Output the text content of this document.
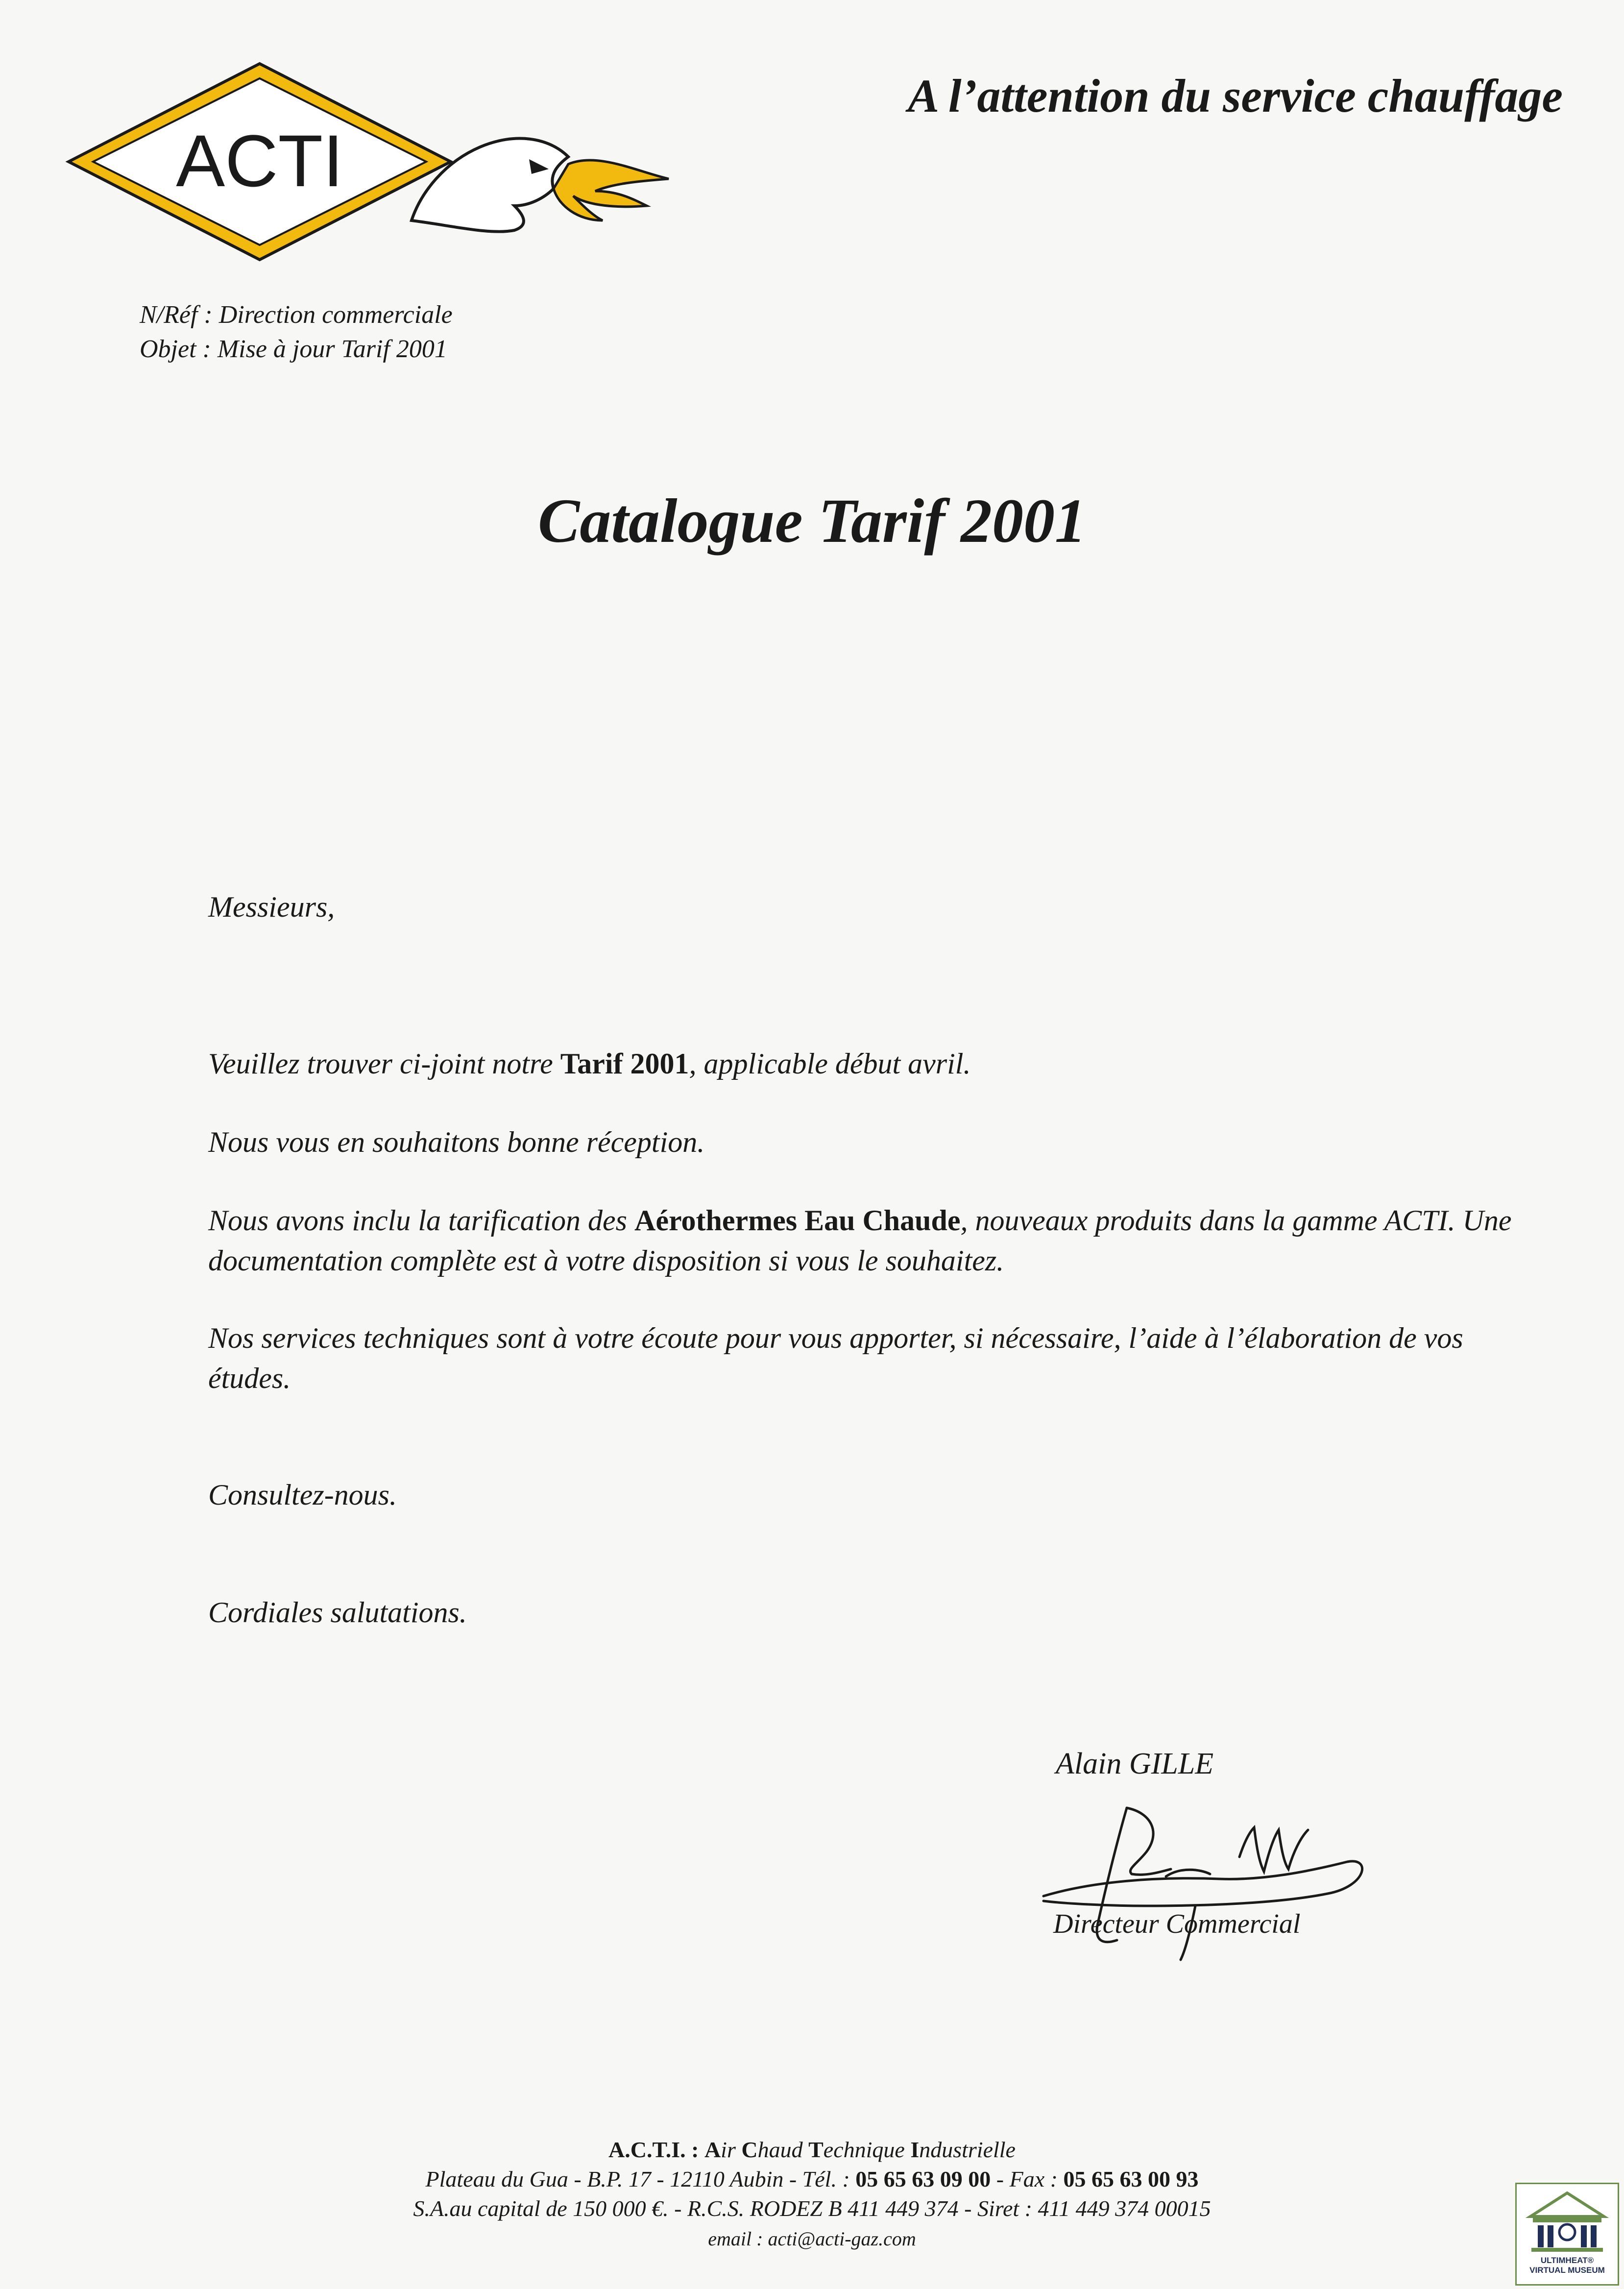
ACTI
A l’attention du service chauffage
N/Réf : Direction commerciale
Objet : Mise à jour Tarif 2001
Catalogue Tarif 2001
Messieurs,
Veuillez trouver ci-joint notre Tarif 2001, applicable début avril.
Nous vous en souhaitons bonne réception.
Nous avons inclu la tarification des Aérothermes Eau Chaude, nouveaux produits dans la gamme ACTI. Une documentation complète est à votre disposition si vous le souhaitez.
Nos services techniques sont à votre écoute pour vous apporter, si nécessaire, l’aide à l’élaboration de vos études.
Consultez-nous.
Cordiales salutations.
Alain GILLE
Directeur Commercial
A.C.T.I. : Air Chaud Technique Industrielle
Plateau du Gua - B.P. 17 - 12110 Aubin - Tél. : 05 65 63 09 00 - Fax : 05 65 63 00 93
S.A.au capital de 150 000 €. - R.C.S. RODEZ B 411 449 374 - Siret : 411 449 374 00015
email : acti@acti-gaz.com
ULTIMHEAT®
VIRTUAL MUSEUM
